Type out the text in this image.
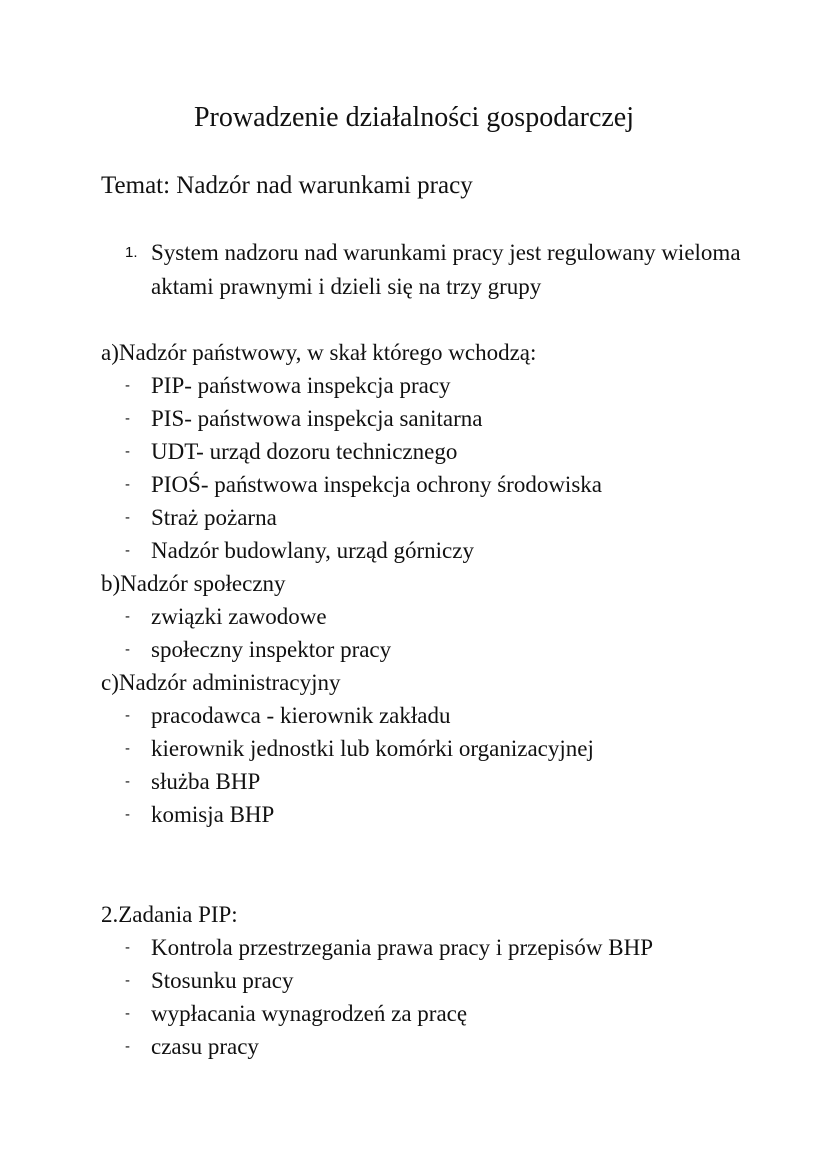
Prowadzenie działalności gospodarczej

Temat: Nadzór nad warunkami pracy

1. System nadzoru nad warunkami pracy jest regulowany wieloma aktami prawnymi i dzieli się na trzy grupy
a)Nadzór państwowy, w skał którego wchodzą:
- PIP- państwowa inspekcja pracy
- PIS- państwowa inspekcja sanitarna
- UDT- urząd dozoru technicznego
- PIOŚ- państwowa inspekcja ochrony środowiska
- Straż pożarna
- Nadzór budowlany, urząd górniczy
b)Nadzór społeczny
- związki zawodowe
- społeczny inspektor pracy
c)Nadzór administracyjny
- pracodawca - kierownik zakładu
- kierownik jednostki lub komórki organizacyjnej
- służba BHP
- komisja BHP
2.Zadania PIP:
- Kontrola przestrzegania prawa pracy i przepisów BHP
- Stosunku pracy
- wypłacania wynagrodzeń za pracę
- czasu pracy
